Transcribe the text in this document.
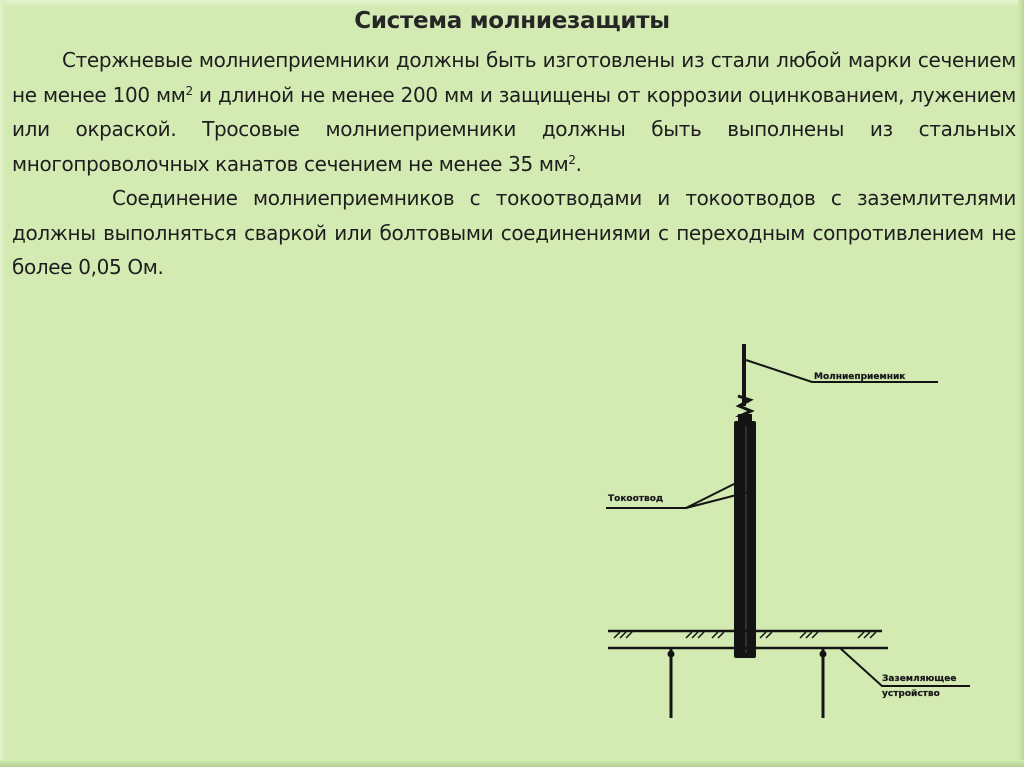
Система молниезащиты

Стержневые молниеприемники должны быть изготовлены из стали любой марки сечением не менее 100 $мм^2$ и длиной не менее 200 мм и защищены от коррозии оцинкованием, лужением или окраской. Тросовые молниеприемники должны быть выполнены из стальных многопроволочных канатов сечением не менее 35 $мм^2$.

Соединение молниеприемников с токоотводами и токоотводов с заземлителями должны выполняться сваркой или болтовыми соединениями с переходным сопротивлением не более 0,05 Ом.

Молниеприемник
Токоотвод
Заземляющее
устройство
